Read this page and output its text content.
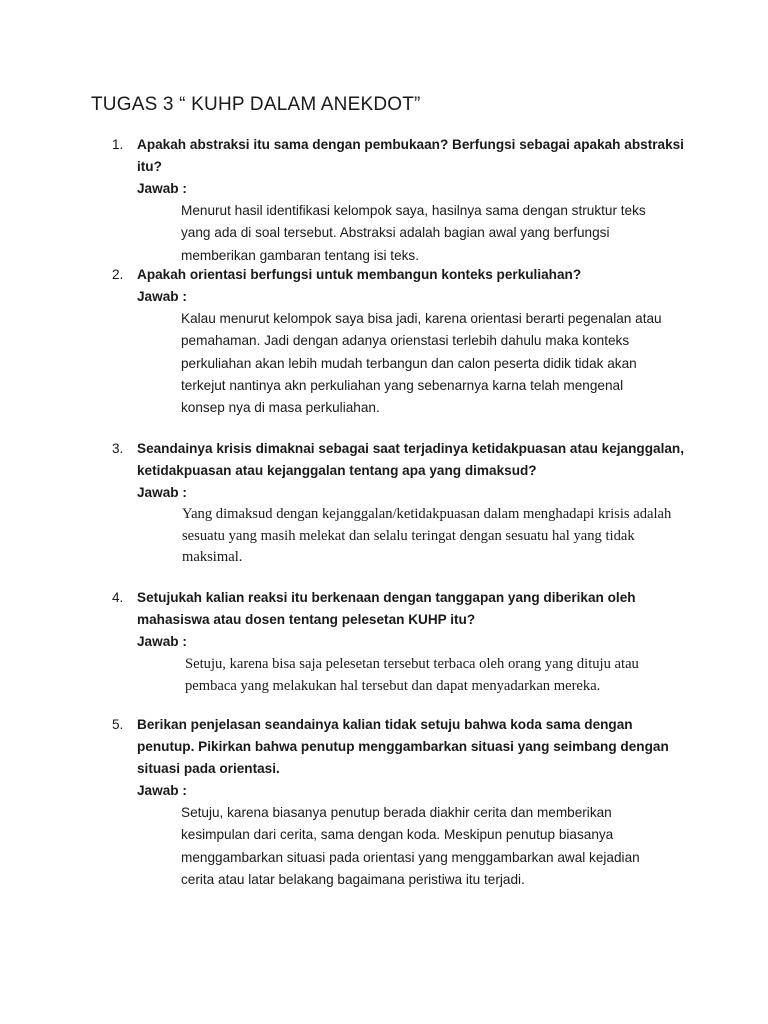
TUGAS 3 “ KUHP DALAM ANEKDOT”
1.	Apakah abstraksi itu sama dengan pembukaan? Berfungsi sebagai apakah abstraksi itu?
Jawab :
Menurut hasil identifikasi kelompok saya, hasilnya sama dengan struktur teks yang ada di soal tersebut. Abstraksi adalah bagian awal yang berfungsi memberikan gambaran tentang isi teks.
2.	Apakah orientasi berfungsi untuk membangun konteks perkuliahan?
Jawab :
Kalau menurut kelompok saya bisa jadi, karena orientasi berarti pegenalan atau pemahaman. Jadi dengan adanya orienstasi terlebih dahulu maka konteks perkuliahan akan lebih mudah terbangun dan calon peserta didik tidak akan terkejut nantinya akn perkuliahan yang sebenarnya karna telah mengenal konsep nya di masa perkuliahan.
3.	Seandainya krisis dimaknai sebagai saat terjadinya ketidakpuasan atau kejanggalan, ketidakpuasan atau kejanggalan tentang apa yang dimaksud?
Jawab :
Yang dimaksud dengan kejanggalan/ketidakpuasan dalam menghadapi krisis adalah sesuatu yang masih melekat dan selalu teringat dengan sesuatu hal yang tidak maksimal.
4.	Setujukah kalian reaksi itu berkenaan dengan tanggapan yang diberikan oleh mahasiswa atau dosen tentang pelesetan KUHP itu?
Jawab :
Setuju, karena bisa saja pelesetan tersebut terbaca oleh orang yang dituju atau pembaca yang melakukan hal tersebut dan dapat menyadarkan mereka.
5.	Berikan penjelasan seandainya kalian tidak setuju bahwa koda sama dengan penutup. Pikirkan bahwa penutup menggambarkan situasi yang seimbang dengan situasi pada orientasi.
Jawab :
Setuju, karena biasanya penutup berada diakhir cerita dan memberikan kesimpulan dari cerita, sama dengan koda. Meskipun penutup biasanya menggambarkan situasi pada orientasi yang menggambarkan awal kejadian cerita atau latar belakang bagaimana peristiwa itu terjadi.
